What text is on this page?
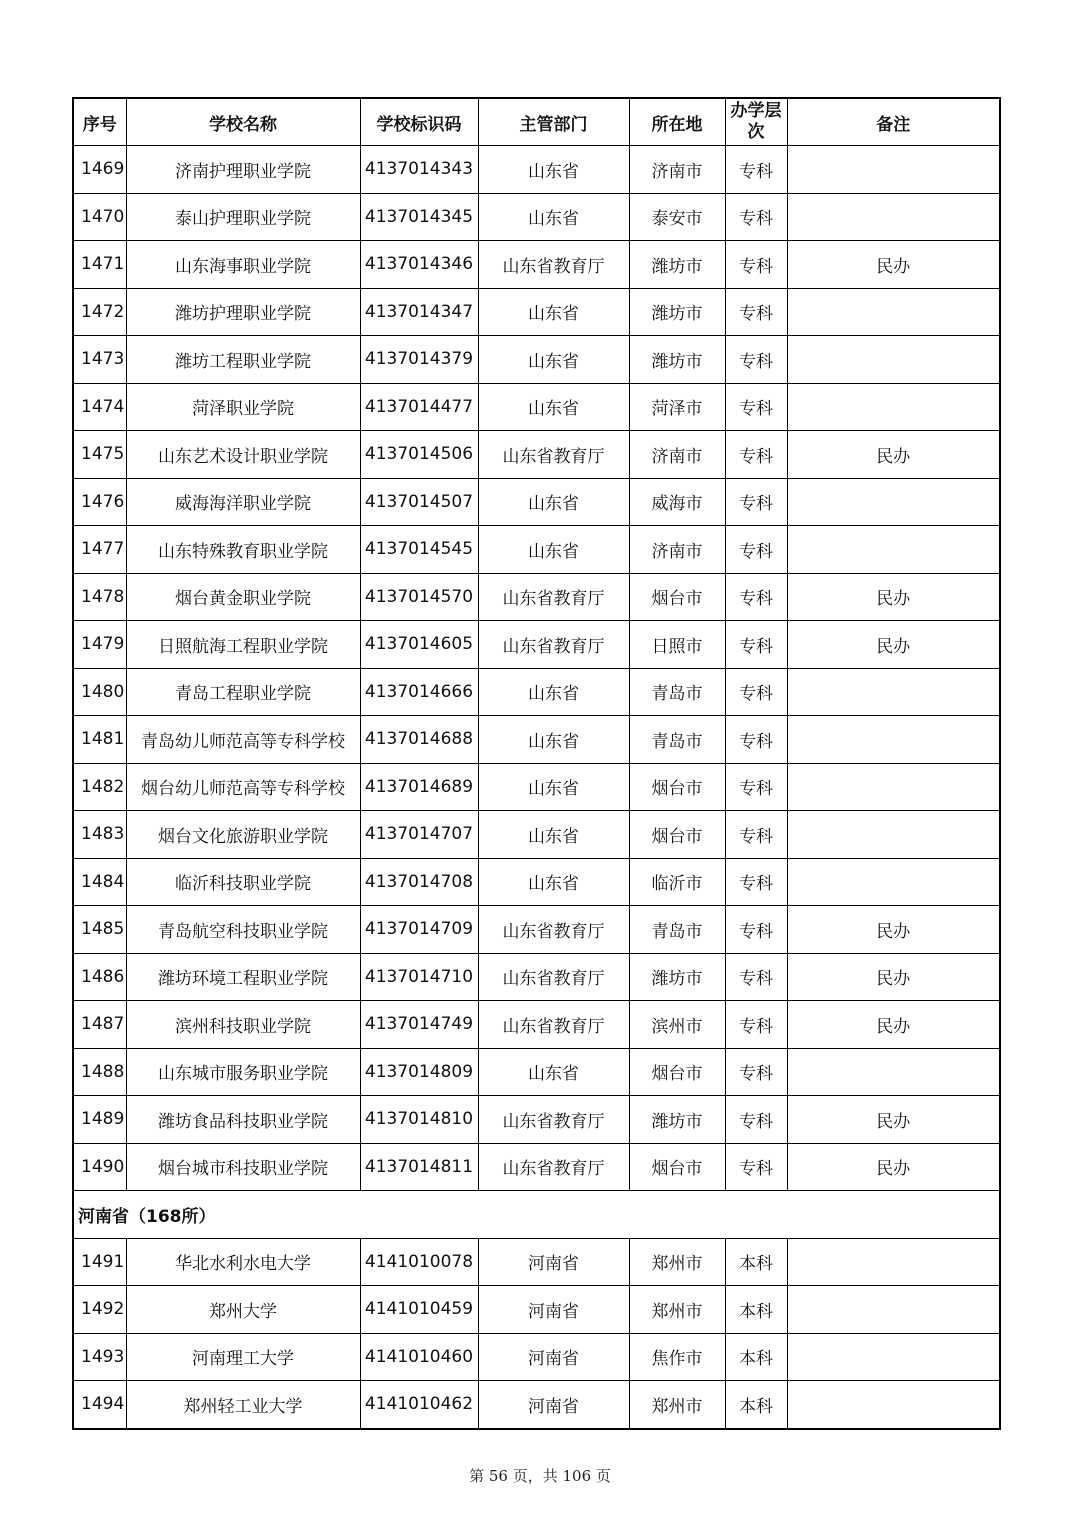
序号	学校名称	学校标识码	主管部门	所在地	办学层次	备注
1469	济南护理职业学院	4137014343	山东省	济南市	专科	
1470	泰山护理职业学院	4137014345	山东省	泰安市	专科	
1471	山东海事职业学院	4137014346	山东省教育厅	潍坊市	专科	民办
1472	潍坊护理职业学院	4137014347	山东省	潍坊市	专科	
1473	潍坊工程职业学院	4137014379	山东省	潍坊市	专科	
1474	菏泽职业学院	4137014477	山东省	菏泽市	专科	
1475	山东艺术设计职业学院	4137014506	山东省教育厅	济南市	专科	民办
1476	威海海洋职业学院	4137014507	山东省	威海市	专科	
1477	山东特殊教育职业学院	4137014545	山东省	济南市	专科	
1478	烟台黄金职业学院	4137014570	山东省教育厅	烟台市	专科	民办
1479	日照航海工程职业学院	4137014605	山东省教育厅	日照市	专科	民办
1480	青岛工程职业学院	4137014666	山东省	青岛市	专科	
1481	青岛幼儿师范高等专科学校	4137014688	山东省	青岛市	专科	
1482	烟台幼儿师范高等专科学校	4137014689	山东省	烟台市	专科	
1483	烟台文化旅游职业学院	4137014707	山东省	烟台市	专科	
1484	临沂科技职业学院	4137014708	山东省	临沂市	专科	
1485	青岛航空科技职业学院	4137014709	山东省教育厅	青岛市	专科	民办
1486	潍坊环境工程职业学院	4137014710	山东省教育厅	潍坊市	专科	民办
1487	滨州科技职业学院	4137014749	山东省教育厅	滨州市	专科	民办
1488	山东城市服务职业学院	4137014809	山东省	烟台市	专科	
1489	潍坊食品科技职业学院	4137014810	山东省教育厅	潍坊市	专科	民办
1490	烟台城市科技职业学院	4137014811	山东省教育厅	烟台市	专科	民办
河南省（168所）						
1491	华北水利水电大学	4141010078	河南省	郑州市	本科	
1492	郑州大学	4141010459	河南省	郑州市	本科	
1493	河南理工大学	4141010460	河南省	焦作市	本科	
1494	郑州轻工业大学	4141010462	河南省	郑州市	本科	
第 56 页，共 106 页
